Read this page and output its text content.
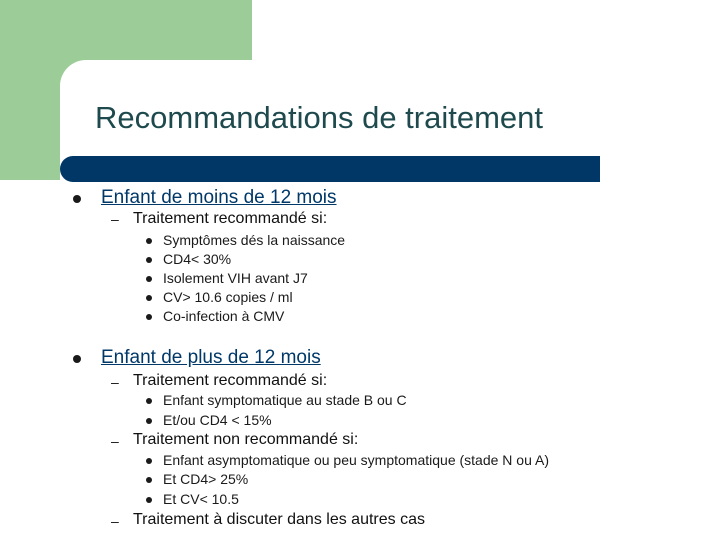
Recommandations de traitement
Enfant de moins de 12 mois
– Traitement recommandé si:
Symptômes dés la naissance
CD4< 30%
Isolement VIH avant J7
CV> 10.6 copies / ml
Co-infection à CMV
Enfant de plus de 12 mois
– Traitement recommandé si:
Enfant symptomatique au stade B ou C
Et/ou CD4 < 15%
– Traitement non recommandé si:
Enfant asymptomatique ou peu symptomatique (stade N ou A)
Et CD4> 25%
Et CV< 10.5
– Traitement à discuter dans les autres cas
